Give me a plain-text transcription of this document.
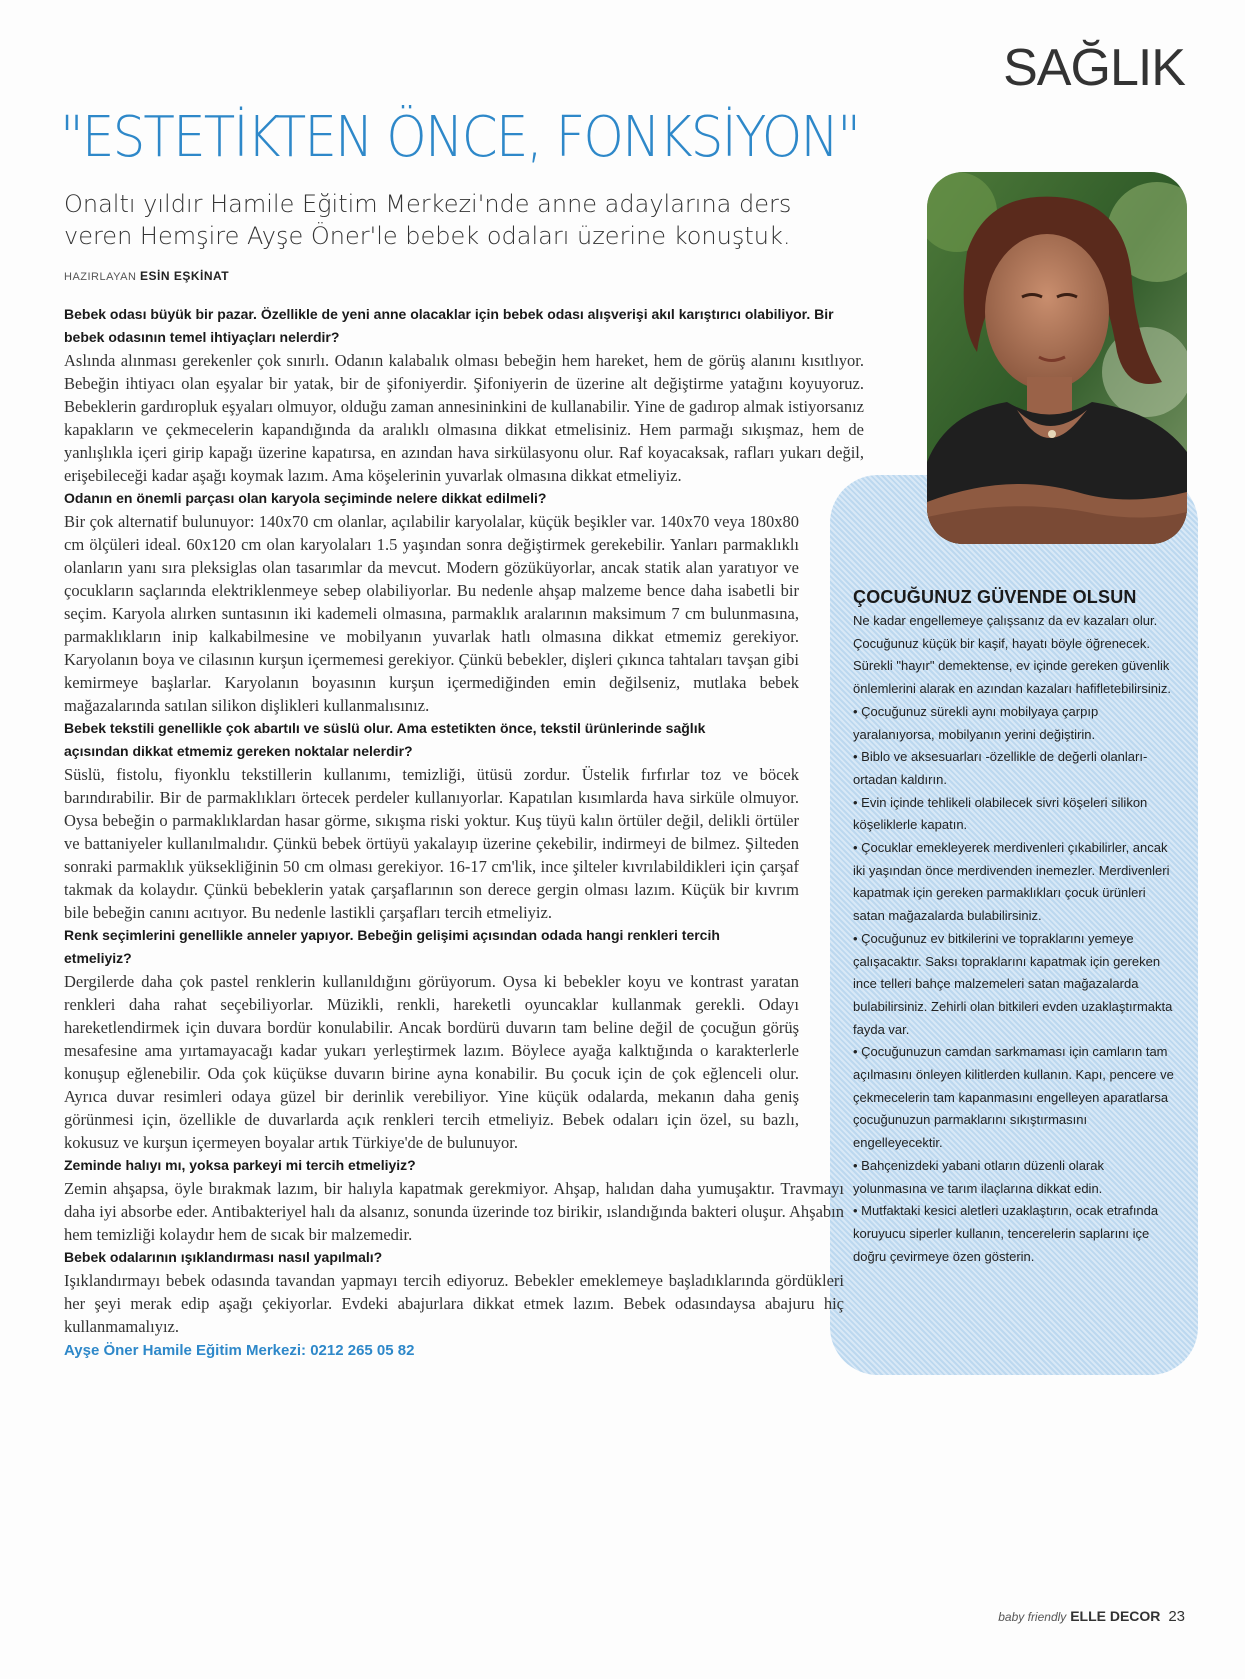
SAĞLIK
"ESTETİKTEN ÖNCE, FONKSİYON"
Onaltı yıldır Hamile Eğitim Merkezi'nde anne adaylarına ders veren Hemşire Ayşe Öner'le bebek odaları üzerine konuştuk.
HAZIRLAYAN ESİN EŞKİNAT
ÇOCUĞUNUZ GÜVENDE OLSUN

Ne kadar engellemeye çalışsanız da ev kazaları olur. Çocuğunuz küçük bir kaşif, hayatı böyle öğrenecek. Sürekli "hayır" demektense, ev içinde gereken güvenlik önlemlerini alarak en azından kazaları hafifletebilirsiniz.

• Çocuğunuz sürekli aynı mobilyaya çarpıp yaralanıyorsa, mobilyanın yerini değiştirin.

• Biblo ve aksesuarları -özellikle de değerli olanları- ortadan kaldırın.

• Evin içinde tehlikeli olabilecek sivri köşeleri silikon köşeliklerle kapatın.

• Çocuklar emekleyerek merdivenleri çıkabilirler, ancak iki yaşından önce merdivenden inemezler. Merdivenleri kapatmak için gereken parmaklıkları çocuk ürünleri satan mağazalarda bulabilirsiniz.

• Çocuğunuz ev bitkilerini ve topraklarını yemeye çalışacaktır. Saksı topraklarını kapatmak için gereken ince telleri bahçe malzemeleri satan mağazalarda bulabilirsiniz. Zehirli olan bitkileri evden uzaklaştırmakta fayda var.

• Çocuğunuzun camdan sarkmaması için camların tam açılmasını önleyen kilitlerden kullanın. Kapı, pencere ve çekmecelerin tam kapanmasını engelleyen aparatlarsa çocuğunuzun parmaklarını sıkıştırmasını engelleyecektir.

• Bahçenizdeki yabani otların düzenli olarak yolunmasına ve tarım ilaçlarına dikkat edin.

• Mutfaktaki kesici aletleri uzaklaştırın, ocak etrafında koruyucu siperler kullanın, tencerelerin saplarını içe doğru çevirmeye özen gösterin.

Bebek odası büyük bir pazar. Özellikle de yeni anne olacaklar için bebek odası alışverişi akıl karıştırıcı olabiliyor. Bir bebek odasının temel ihtiyaçları nelerdir?

Aslında alınması gerekenler çok sınırlı. Odanın kalabalık olması bebeğin hem hareket, hem de görüş alanını kısıtlıyor. Bebeğin ihtiyacı olan eşyalar bir yatak, bir de şifoniyerdir. Şifoniyerin de üzerine alt değiştirme yatağını koyuyoruz. Bebeklerin gardıropluk eşyaları olmuyor, olduğu zaman annesininkini de kullanabilir. Yine de gadırop almak istiyorsanız kapakların ve çekmecelerin kapandığında da aralıklı olmasına dikkat etmelisiniz. Hem parmağı sıkışmaz, hem de yanlışlıkla içeri girip kapağı üzerine kapatırsa, en azından hava sirkülasyonu olur. Raf koyacaksak, rafları yukarı değil, erişebileceği kadar aşağı koymak lazım. Ama köşelerinin yuvarlak olmasına dikkat etmeliyiz.

Odanın en önemli parçası olan karyola seçiminde nelere dikkat edilmeli?

Bir çok alternatif bulunuyor: 140x70 cm olanlar, açılabilir karyolalar, küçük beşikler var. 140x70 veya 180x80 cm ölçüleri ideal. 60x120 cm olan karyolaları 1.5 yaşından sonra değiştirmek gerekebilir. Yanları parmaklıklı olanların yanı sıra pleksiglas olan tasarımlar da mevcut. Modern gözüküyorlar, ancak statik alan yaratıyor ve çocukların saçlarında elektriklenmeye sebep olabiliyorlar. Bu nedenle ahşap malzeme bence daha isabetli bir seçim. Karyola alırken suntasının iki kademeli olmasına, parmaklık aralarının maksimum 7 cm bulunmasına, parmaklıkların inip kalkabilmesine ve mobilyanın yuvarlak hatlı olmasına dikkat etmemiz gerekiyor. Karyolanın boya ve cilasının kurşun içermemesi gerekiyor. Çünkü bebekler, dişleri çıkınca tahtaları tavşan gibi kemirmeye başlarlar. Karyolanın boyasının kurşun içermediğinden emin değilseniz, mutlaka bebek mağazalarında satılan silikon dişlikleri kullanmalısınız.

Bebek tekstili genellikle çok abartılı ve süslü olur. Ama estetikten önce, tekstil ürünlerinde sağlık açısından dikkat etmemiz gereken noktalar nelerdir?

Süslü, fistolu, fiyonklu tekstillerin kullanımı, temizliği, ütüsü zordur. Üstelik fırfırlar toz ve böcek barındırabilir. Bir de parmaklıkları örtecek perdeler kullanıyorlar. Kapatılan kısımlarda hava sirküle olmuyor. Oysa bebeğin o parmaklıklardan hasar görme, sıkışma riski yoktur. Kuş tüyü kalın örtüler değil, delikli örtüler ve battaniyeler kullanılmalıdır. Çünkü bebek örtüyü yakalayıp üzerine çekebilir, indirmeyi de bilmez. Şilteden sonraki parmaklık yüksekliğinin 50 cm olması gerekiyor. 16-17 cm'lik, ince şilteler kıvrılabildikleri için çarşaf takmak da kolaydır. Çünkü bebeklerin yatak çarşaflarının son derece gergin olması lazım. Küçük bir kıvrım bile bebeğin canını acıtıyor. Bu nedenle lastikli çarşafları tercih etmeliyiz.

Renk seçimlerini genellikle anneler yapıyor. Bebeğin gelişimi açısından odada hangi renkleri tercih etmeliyiz?

Dergilerde daha çok pastel renklerin kullanıldığını görüyorum. Oysa ki bebekler koyu ve kontrast yaratan renkleri daha rahat seçebiliyorlar. Müzikli, renkli, hareketli oyuncaklar kullanmak gerekli. Odayı hareketlendirmek için duvara bordür konulabilir. Ancak bordürü duvarın tam beline değil de çocuğun görüş mesafesine ama yırtamayacağı kadar yukarı yerleştirmek lazım. Böylece ayağa kalktığında o karakterlerle konuşup eğlenebilir. Oda çok küçükse duvarın birine ayna konabilir. Bu çocuk için de çok eğlenceli olur. Ayrıca duvar resimleri odaya güzel bir derinlik verebiliyor. Yine küçük odalarda, mekanın daha geniş görünmesi için, özellikle de duvarlarda açık renkleri tercih etmeliyiz. Bebek odaları için özel, su bazlı, kokusuz ve kurşun içermeyen boyalar artık Türkiye'de de bulunuyor.

Zeminde halıyı mı, yoksa parkeyi mi tercih etmeliyiz?

Zemin ahşapsa, öyle bırakmak lazım, bir halıyla kapatmak gerekmiyor. Ahşap, halıdan daha yumuşaktır. Travmayı daha iyi absorbe eder. Antibakteriyel halı da alsanız, sonunda üzerinde toz birikir, ıslandığında bakteri oluşur. Ahşabın hem temizliği kolaydır hem de sıcak bir malzemedir.

Bebek odalarının ışıklandırması nasıl yapılmalı?

Işıklandırmayı bebek odasında tavandan yapmayı tercih ediyoruz. Bebekler emeklemeye başladıklarında gördükleri her şeyi merak edip aşağı çekiyorlar. Evdeki abajurlara dikkat etmek lazım. Bebek odasındaysa abajuru hiç kullanmamalıyız.

Ayşe Öner Hamile Eğitim Merkezi: 0212 265 05 82

baby friendly ELLE DECOR 23
